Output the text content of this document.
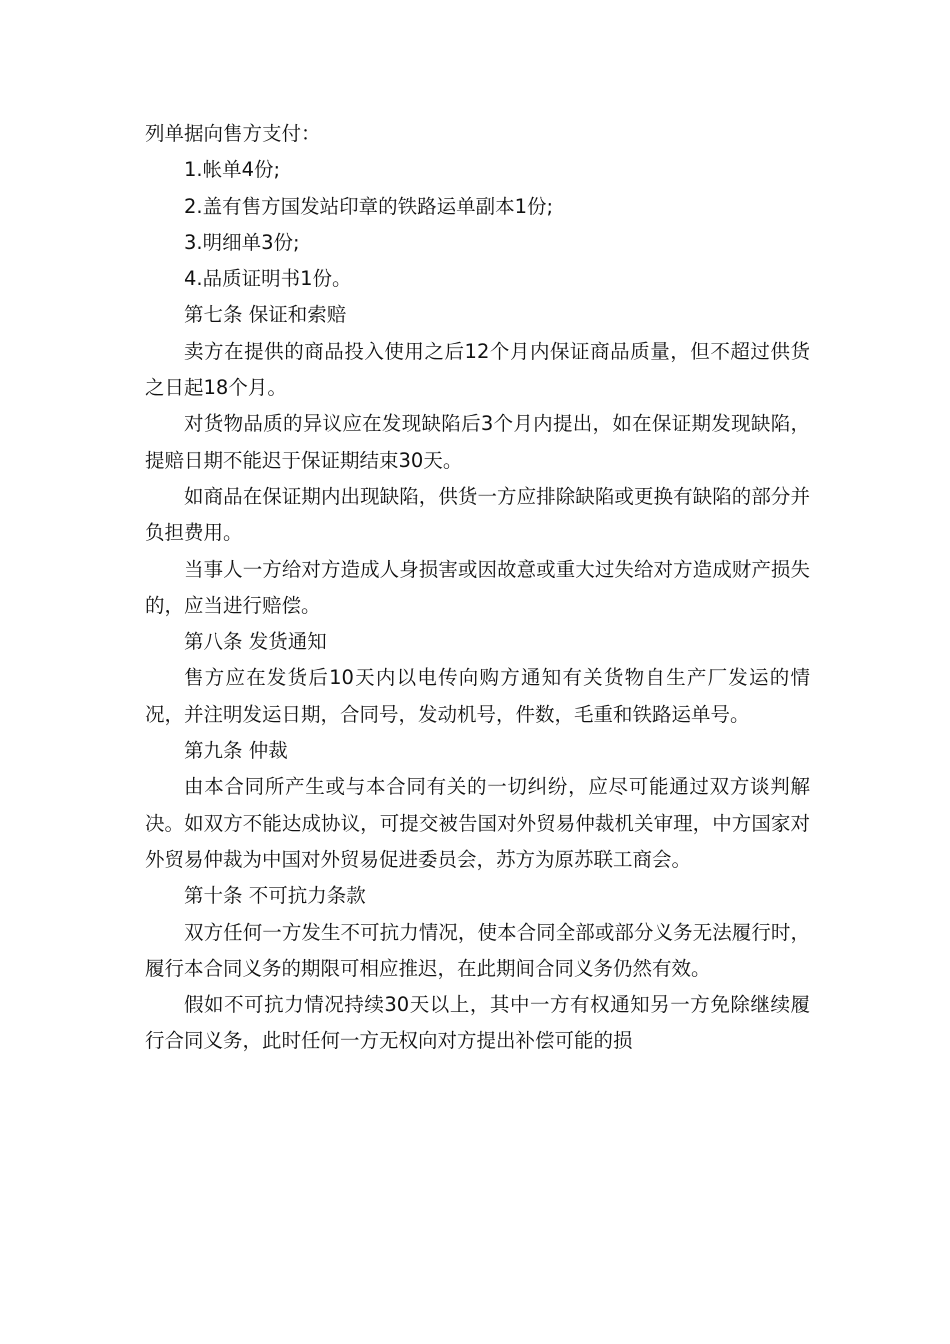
列单据向售方支付：

1.帐单4份;

2.盖有售方国发站印章的铁路运单副本1份;

3.明细单3份;

4.品质证明书1份。

第七条 保证和索赔

卖方在提供的商品投入使用之后12个月内保证商品质量，但不超过供货之日起18个月。

对货物品质的异议应在发现缺陷后3个月内提出，如在保证期发现缺陷，提赔日期不能迟于保证期结束30天。

如商品在保证期内出现缺陷，供货一方应排除缺陷或更换有缺陷的部分并负担费用。

当事人一方给对方造成人身损害或因故意或重大过失给对方造成财产损失的，应当进行赔偿。

第八条 发货通知

售方应在发货后10天内以电传向购方通知有关货物自生产厂发运的情况，并注明发运日期，合同号，发动机号，件数，毛重和铁路运单号。

第九条 仲裁

由本合同所产生或与本合同有关的一切纠纷，应尽可能通过双方谈判解决。如双方不能达成协议，可提交被告国对外贸易仲裁机关审理，中方国家对外贸易仲裁为中国对外贸易促进委员会，苏方为原苏联工商会。

第十条 不可抗力条款

双方任何一方发生不可抗力情况，使本合同全部或部分义务无法履行时，履行本合同义务的期限可相应推迟，在此期间合同义务仍然有效。

假如不可抗力情况持续30天以上，其中一方有权通知另一方免除继续履行合同义务，此时任何一方无权向对方提出补偿可能的损
